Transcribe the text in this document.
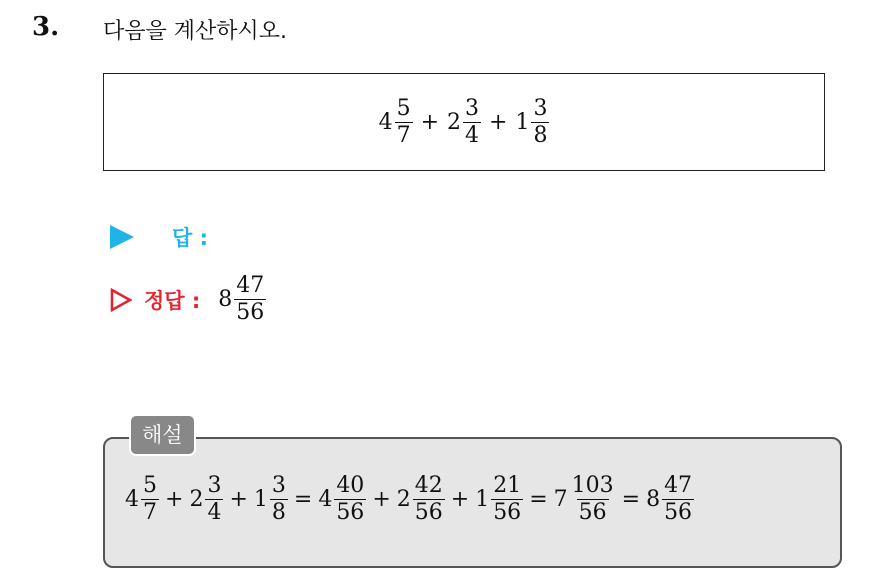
3. 다음을 계산하시오.
$4 \frac{5}{7} + 2 \frac{3}{4} + 1 \frac{3}{8}$
답 :
정답 : $8 \frac{47}{56}$
해설
$4 \frac{5}{7} + 2 \frac{3}{4} + 1 \frac{3}{8} = 4 \frac{40}{56} + 2 \frac{42}{56} + 1 \frac{21}{56} = 7 \frac{103}{56} = 8 \frac{47}{56}$
